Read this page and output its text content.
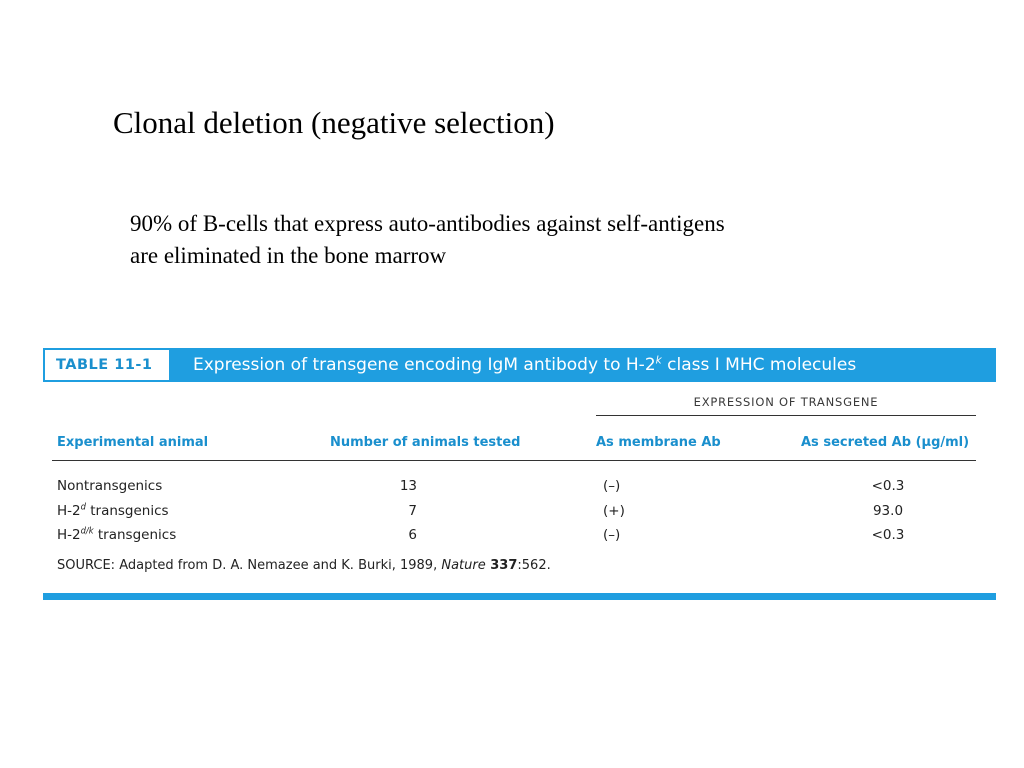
Clonal deletion (negative selection)
90% of B-cells that express auto-antibodies against self-antigens
are eliminated in the bone marrow
TABLE 11-1	Expression of transgene encoding IgM antibody to H-2$^k$ class I MHC molecules
EXPRESSION OF TRANSGENE
Experimental animal	Number of animals tested	As membrane Ab	As secreted Ab (μg/ml)
Nontransgenics	13	(–)	<0.3
H-2$^d$ transgenics	7	(+)	93.0
$H-2^{d/k}$ transgenics	6	(–)	<0.3
SOURCE: Adapted from D. A. Nemazee and K. Burki, 1989, Nature 337:562.
